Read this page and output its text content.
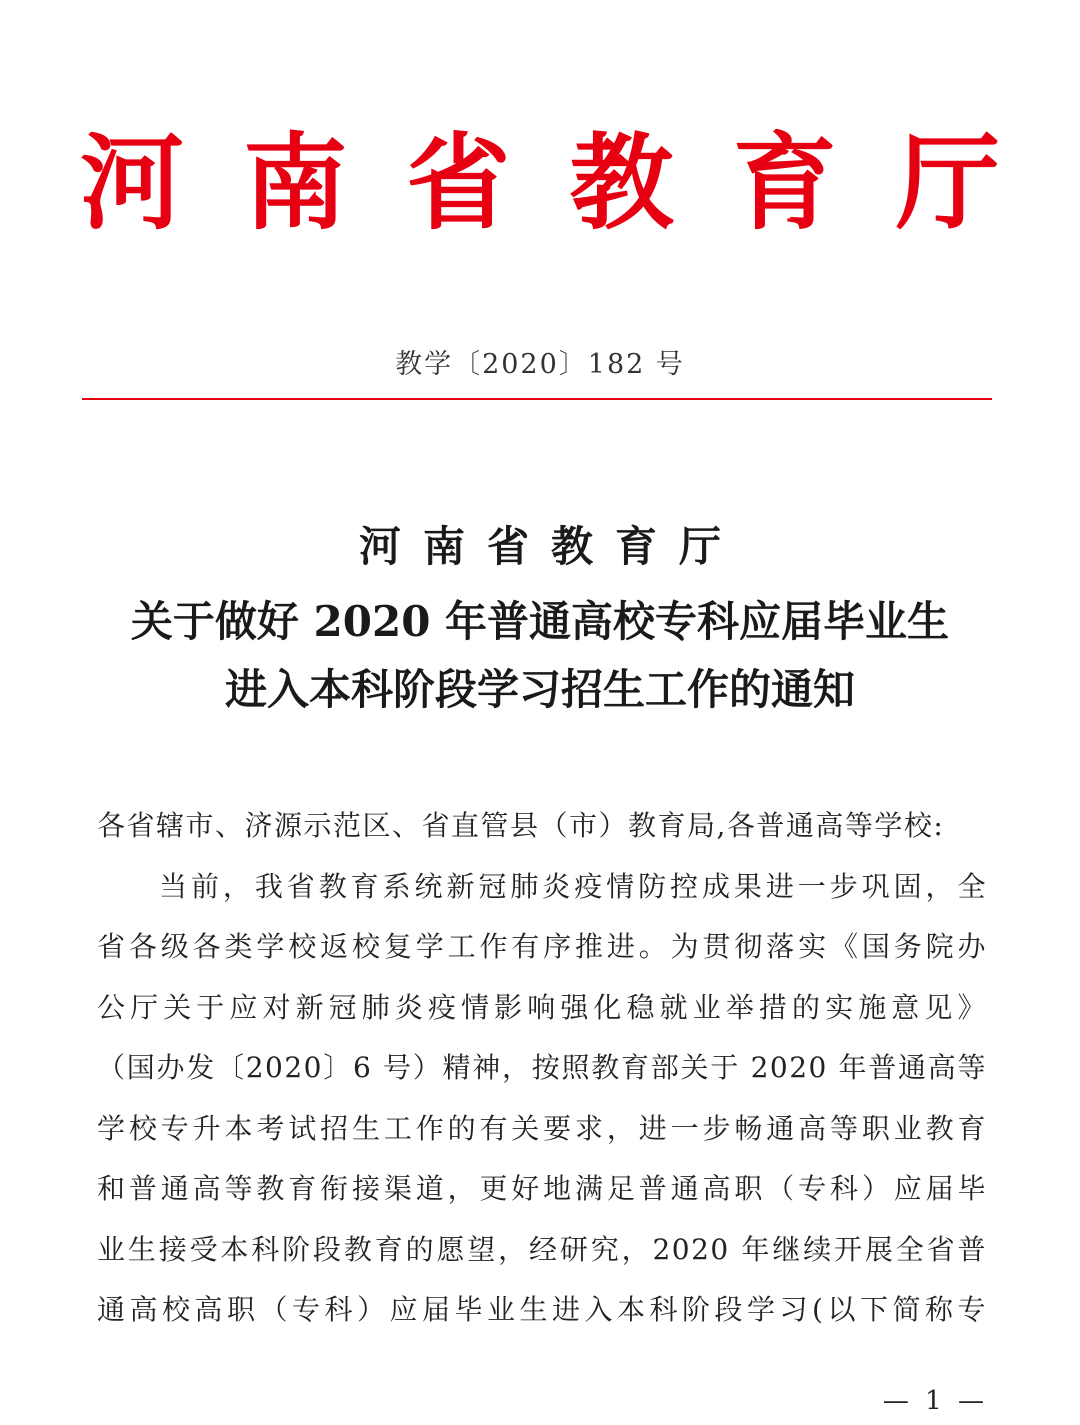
河 南 省 教 育 厅
教学〔2020〕182 号
河南省教育厅
关于做好 2020 年普通高校专科应届毕业生
进入本科阶段学习招生工作的通知
各省辖市、济源示范区、省直管县（市）教育局,各普通高等学校:
当前，我省教育系统新冠肺炎疫情防控成果进一步巩固，全
省各级各类学校返校复学工作有序推进。为贯彻落实《国务院办
公厅关于应对新冠肺炎疫情影响强化稳就业举措的实施意见》
（国办发〔2020〕6 号）精神，按照教育部关于 2020 年普通高等
学校专升本考试招生工作的有关要求，进一步畅通高等职业教育
和普通高等教育衔接渠道，更好地满足普通高职（专科）应届毕
业生接受本科阶段教育的愿望，经研究，2020 年继续开展全省普
通高校高职（专科）应届毕业生进入本科阶段学习(以下简称专
— 1 —
